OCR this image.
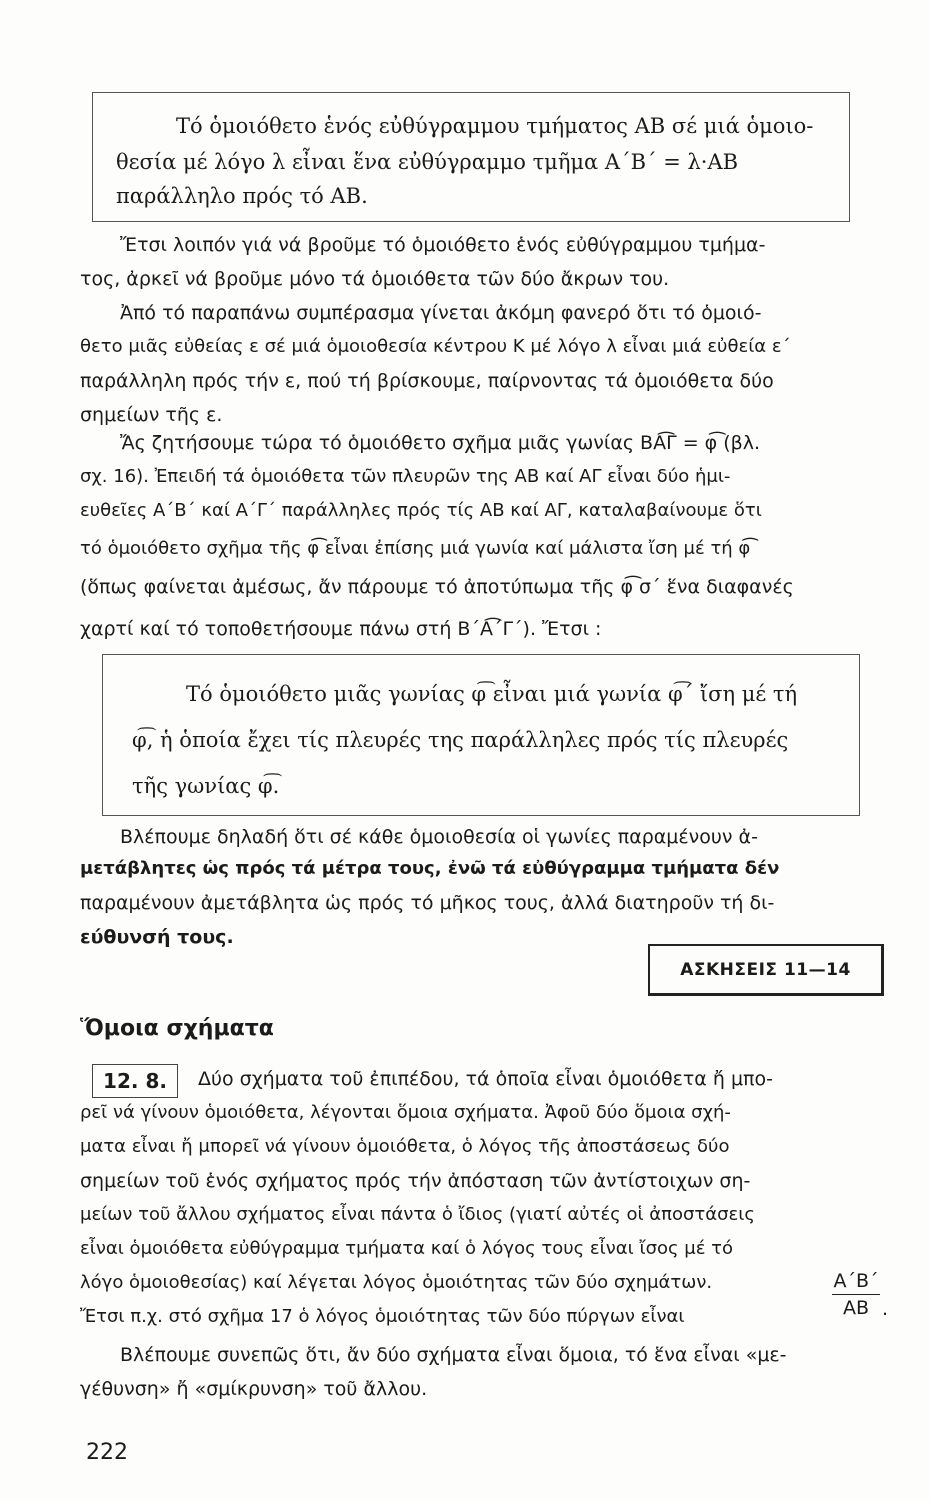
Τό ὁμοιόθετο ἑνός εὐθύγραμμου τμήματος ΑΒ σέ μιά ὁμοιο-
θεσία μέ λόγο λ εἶναι ἕνα εὐθύγραμμο τμῆμα Α΄Β΄ = λ·ΑΒ
παράλληλο πρός τό ΑΒ.
Ἔτσι λοιπόν γιά νά βροῦμε τό ὁμοιόθετο ἑνός εὐθύγραμμου τμήμα-
τος, ἀρκεῖ νά βροῦμε μόνο τά ὁμοιόθετα τῶν δύο ἄκρων του.
Ἀπό τό παραπάνω συμπέρασμα γίνεται ἀκόμη φανερό ὅτι τό ὁμοιό-
θετο μιᾶς εὐθείας ε σέ μιά ὁμοιοθεσία κέντρου Κ μέ λόγο λ εἶναι μιά εὐθεία ε΄
παράλληλη πρός τήν ε, πού τή βρίσκουμε, παίρνοντας τά ὁμοιόθετα δύο
σημείων τῆς ε.
Ἄς ζητήσουμε τώρα τό ὁμοιόθετο σχῆμα μιᾶς γωνίας ΒΑ͡Γ = φ͡ (βλ.
σχ. 16). Ἐπειδή τά ὁμοιόθετα τῶν πλευρῶν της ΑΒ καί ΑΓ εἶναι δύο ἡμι-
ευθεῖες Α΄Β΄ καί Α΄Γ΄ παράλληλες πρός τίς ΑΒ καί ΑΓ, καταλαβαίνουμε ὅτι
τό ὁμοιόθετο σχῆμα τῆς φ͡ εἶναι ἐπίσης μιά γωνία καί μάλιστα ἴση μέ τή φ͡
(ὅπως φαίνεται ἀμέσως, ἄν πάρουμε τό ἀποτύπωμα τῆς φ͡ σ΄ ἕνα διαφανές
χαρτί καί τό τοποθετήσουμε πάνω στή Β΄Α͡΄Γ΄). Ἔτσι :
Τό ὁμοιόθετο μιᾶς γωνίας φ͡ εἶναι μιά γωνία φ͡΄ ἴση μέ τή
φ͡, ἡ ὁποία ἔχει τίς πλευρές της παράλληλες πρός τίς πλευρές
τῆς γωνίας φ͡.
Βλέπουμε δηλαδή ὅτι σέ κάθε ὁμοιοθεσία οἱ γωνίες παραμένουν ἀ-
μετάβλητες ὡς πρός τά μέτρα τους, ἐνῶ τά εὐθύγραμμα τμήματα δέν
παραμένουν ἀμετάβλητα ὡς πρός τό μῆκος τους, ἀλλά διατηροῦν τή δι-
εύθυνσή τους.
ΑΣΚΗΣΕΙΣ 11—14
Ὅμοια σχήματα
12. 8.	Δύο σχήματα τοῦ ἐπιπέδου, τά ὁποῖα εἶναι ὁμοιόθετα ἤ μπο-
ρεῖ νά γίνουν ὁμοιόθετα, λέγονται ὅμοια σχήματα. Ἀφοῦ δύο ὅμοια σχή-
ματα εἶναι ἤ μπορεῖ νά γίνουν ὁμοιόθετα, ὁ λόγος τῆς ἀποστάσεως δύο
σημείων τοῦ ἑνός σχήματος πρός τήν ἀπόσταση τῶν ἀντίστοιχων ση-
μείων τοῦ ἄλλου σχήματος εἶναι πάντα ὁ ἴδιος (γιατί αὐτές οἱ ἀποστάσεις
εἶναι ὁμοιόθετα εὐθύγραμμα τμήματα καί ὁ λόγος τους εἶναι ἴσος μέ τό
λόγο ὁμοιοθεσίας) καί λέγεται λόγος ὁμοιότητας τῶν δύο σχημάτων.
Ἔτσι π.χ. στό σχῆμα 17 ὁ λόγος ὁμοιότητας τῶν δύο πύργων εἶναι	$\frac{A΄B΄}{AB}$ .
Βλέπουμε συνεπῶς ὅτι, ἄν δύο σχήματα εἶναι ὅμοια, τό ἕνα εἶναι «με-
γέθυνση» ἤ «σμίκρυνση» τοῦ ἄλλου.
222
